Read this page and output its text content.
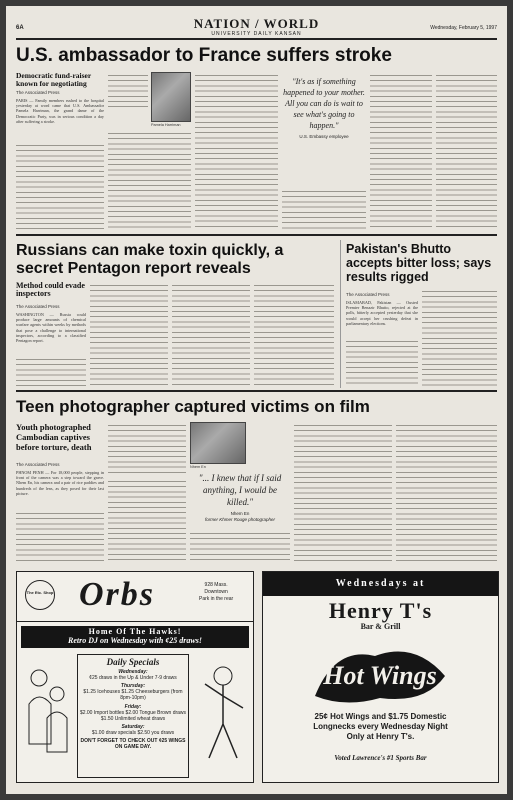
6A	NATION / WORLD
UNIVERSITY DAILY KANSAN
Wednesday, February 5, 1997
U.S. ambassador to France suffers stroke
Democratic fund-raiser known for negotiating
The Associated Press
PARIS — Family members rushed to the hospital yesterday at word came that U.S. Ambassador Pamela Harriman, the grand dame of the Democratic Party, was in serious condition a day after suffering a stroke.
Pamela Harriman
"It's as if something happened to your mother. All you can do is wait to see what's going to happen."
U.S. Embassy employee
Russians can make toxin quickly, a secret Pentagon report reveals
Method could evade inspectors
The Associated Press
WASHINGTON — Russia could produce large amounts of chemical warfare agents within weeks by methods that pose a challenge to international inspectors, according to a classified Pentagon report.
Pakistan's Bhutto accepts bitter loss; says results rigged
The Associated Press
ISLAMABAD, Pakistan — Ousted Premier Benazir Bhutto, rejected at the polls, bitterly accepted yesterday that she would accept her crushing defeat in parliamentary elections.
Teen photographer captured victims on film
Youth photographed Cambodian captives before torture, death
The Associated Press
PHNOM PENH — For 18,000 people, stepping in front of the camera was a step toward the grave. Nhem En, his camera and a pair of rice paddies and hundreds of the lens, as they posed for their last picture.
Nhem En
"... I knew that if I said anything, I would be killed."
Nhem En
former Khmer Rouge photographer
The Etc. Shop Orbs	928 Mass.
Downtown
Park in the rear
Home Of The Hawks!
Retro DJ on Wednesday with ¢25 draws!
Daily Specials
Wednesday:
¢25 draws in the Up & Under 7-9 draws
Thursday:
$1.25 Icehouses $1.25 Cheeseburgers (from 8pm-10pm)
Friday:
$2.00 Import bottles $2.00 Tongue Brown draws $1.50 Unlimited wheat draws
Saturday:
$1.00 draw specials $2.50 you draws
DON'T FORGET TO CHECK OUT ¢25 WINGS ON GAME DAY.
Wednesdays at
Henry T's
Bar & Grill
Hot Wings
25¢ Hot Wings and $1.75 Domestic
Longnecks every Wednesday Night
Only at Henry T's.
Voted Lawrence's #1 Sports Bar
